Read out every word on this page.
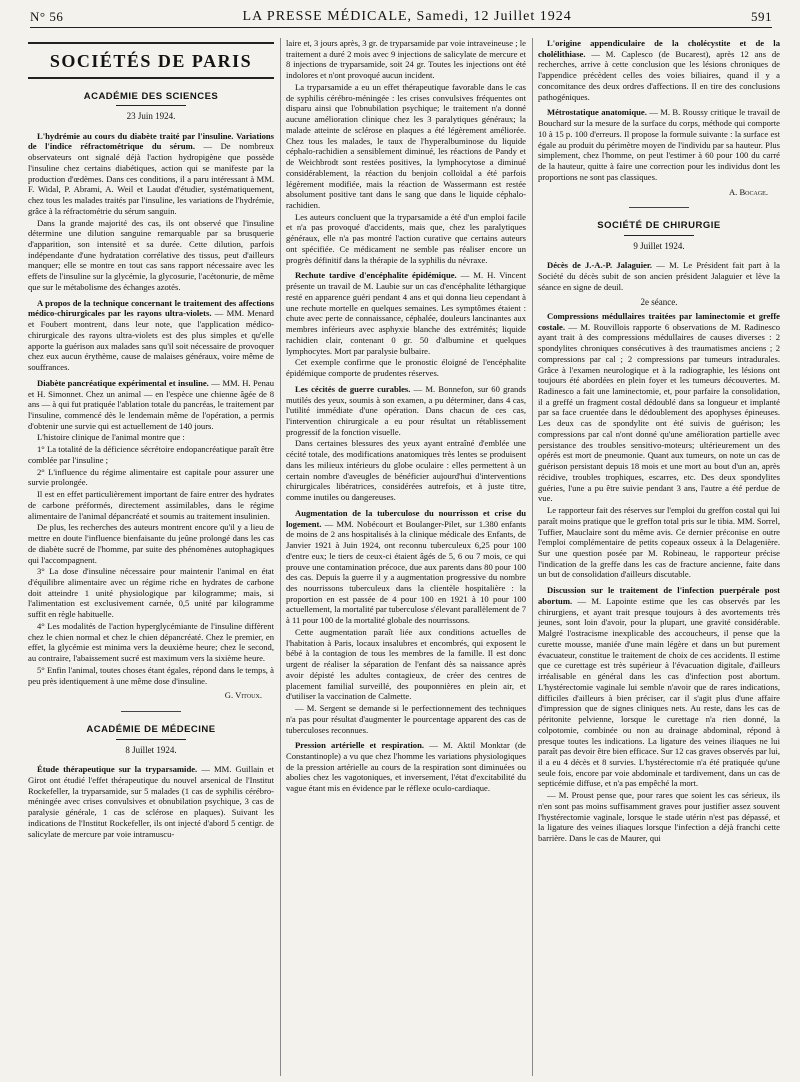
N° 56	LA PRESSE MÉDICALE, Samedi, 12 Juillet 1924	591
SOCIÉTÉS DE PARIS
ACADÉMIE DES SCIENCES
23 Juin 1924.

L'hydrémie au cours du diabète traité par l'insuline. Variations de l'indice réfractométrique du sérum. — De nombreux observateurs ont signalé déjà l'action hydropigène que possède l'insuline chez certains diabétiques, action qui se manifeste par la production d'œdèmes. Dans ces conditions, il a paru intéressant à MM. F. Widal, P. Abrami, A. Weil et Laudat d'étudier, systématiquement, chez tous les malades traités par l'insuline, les variations de l'hydrémie, grâce à la réfractométrie du sérum sanguin.

Dans la grande majorité des cas, ils ont observé que l'insuline détermine une dilution sanguine remarquable par sa brusquerie d'apparition, son intensité et sa durée. Cette dilution, parfois indépendante d'une hydratation corrélative des tissus, peut d'ailleurs manquer; elle se montre en tout cas sans rapport nécessaire avec les effets de l'insuline sur la glycémie, la glycosurie, l'acétonurie, de même que sur le métabolisme des échanges azotés.

A propos de la technique concernant le traitement des affections médico-chirurgicales par les rayons ultra-violets. — MM. Menard et Foubert montrent, dans leur note, que l'application médico-chirurgicale des rayons ultra-violets est des plus simples et qu'elle apporte la guérison aux malades sans qu'il soit nécessaire de provoquer chez eux aucun érythème, cause de malaises généraux, voire même de souffrances.

Diabète pancréatique expérimental et insuline. — MM. H. Penau et H. Simonnet. Chez un animal — en l'espèce une chienne âgée de 8 ans — à qui fut pratiquée l'ablation totale du pancréas, le traitement par l'insuline, commencé dès le lendemain même de l'opération, a permis d'obtenir une survie qui est actuellement de 140 jours.

L'histoire clinique de l'animal montre que :

1° La totalité de la déficience sécrétoire endopancréatique paraît être comblée par l'insuline ;

2° L'influence du régime alimentaire est capitale pour assurer une survie prolongée.

Il est en effet particulièrement important de faire entrer des hydrates de carbone préformés, directement assimilables, dans le régime alimentaire de l'animal dépancréaté et soumis au traitement insulinien.

De plus, les recherches des auteurs montrent encore qu'il y a lieu de mettre en doute l'influence bienfaisante du jeûne prolongé dans les cas de diabète sucré de l'homme, par suite des phénomènes autophagiques qui l'accompagnent.

3° La dose d'insuline nécessaire pour maintenir l'animal en état d'équilibre alimentaire avec un régime riche en hydrates de carbone doit atteindre 1 unité physiologique par kilogramme; mais, si l'alimentation est exclusivement carnée, 0,5 unité par kilogramme suffit en règle habituelle.

4° Les modalités de l'action hyperglycémiante de l'insuline diffèrent chez le chien normal et chez le chien dépancréaté. Chez le premier, en effet, la glycémie est minima vers la deuxième heure; chez le second, au contraire, l'abaissement sucré est maximum vers la sixième heure.

5° Enfin l'animal, toutes choses étant égales, répond dans le temps, à peu près identiquement à une même dose d'insuline.

G. Vitoux.
ACADÉMIE DE MÉDECINE
8 Juillet 1924.

Étude thérapeutique sur la tryparsamide. — MM. Guillain et Girot ont étudié l'effet thérapeutique du nouvel arsenical de l'Institut Rockefeller, la tryparsamide, sur 5 malades (1 cas de syphilis cérébro-méningée avec crises convulsives et obnubilation psychique, 3 cas de paralysie générale, 1 cas de sclérose en plaques). Suivant les indications de l'Institut Rockefeller, ils ont injecté d'abord 5 centigr. de salicylate de mercure par voie intramuscu-

laire et, 3 jours après, 3 gr. de tryparsamide par voie intraveineuse ; le traitement a duré 2 mois avec 9 injections de salicylate de mercure et 8 injections de tryparsamide, soit 24 gr. Toutes les injections ont été indolores et n'ont provoqué aucun incident.

La tryparsamide a eu un effet thérapeutique favorable dans le cas de syphilis cérébro-méningée : les crises convulsives fréquentes ont disparu ainsi que l'obnubilation psychique; le traitement n'a donné aucune amélioration clinique chez les 3 paralytiques généraux; la malade atteinte de sclérose en plaques a été légèrement améliorée. Chez tous les malades, le taux de l'hyperalbuminose du liquide céphalo-rachidien a sensiblement diminué, les réactions de Pandy et de Weichbrodt sont restées positives, la lymphocytose a diminué considérablement, la réaction du benjoin colloïdal a été parfois légèrement modifiée, mais la réaction de Wassermann est restée absolument positive tant dans le sang que dans le liquide céphalo-rachidien.

Les auteurs concluent que la tryparsamide a été d'un emploi facile et n'a pas provoqué d'accidents, mais que, chez les paralytiques généraux, elle n'a pas montré l'action curative que certains auteurs ont spécifiée. Ce médicament ne semble pas réaliser encore un progrès définitif dans la thérapie de la syphilis du névraxe.

Rechute tardive d'encéphalite épidémique. — M. H. Vincent présente un travail de M. Laubie sur un cas d'encéphalite léthargique resté en apparence guéri pendant 4 ans et qui donna lieu cependant à une rechute mortelle en quelques semaines. Les symptômes étaient : chute avec perte de connaissance, céphalée, douleurs lancinantes aux membres inférieurs avec asphyxie blanche des extrémités; liquide rachidien clair, contenant 0 gr. 50 d'albumine et quelques lymphocytes. Mort par paralysie bulbaire.

Cet exemple confirme que le pronostic éloigné de l'encéphalite épidémique comporte de prudentes réserves.

Les cécités de guerre curables. — M. Bonnefon, sur 60 grands mutilés des yeux, soumis à son examen, a pu déterminer, dans 4 cas, l'utilité immédiate d'une opération. Dans chacun de ces cas, l'intervention chirurgicale a eu pour résultat un rétablissement progressif de la fonction visuelle.

Dans certaines blessures des yeux ayant entraîné d'emblée une cécité totale, des modifications anatomiques très lentes se produisent dans les milieux intérieurs du globe oculaire : elles permettent à un certain nombre d'aveugles de bénéficier aujourd'hui d'interventions chirurgicales libératrices, considérées autrefois, et à juste titre, comme inutiles ou dangereuses.

Augmentation de la tuberculose du nourrisson et crise du logement. — MM. Nobécourt et Boulanger-Pilet, sur 1.380 enfants de moins de 2 ans hospitalisés à la clinique médicale des Enfants, de Janvier 1921 à Juin 1924, ont reconnu tuberculeux 6,25 pour 100 d'entre eux; le tiers de ceux-ci étaient âgés de 5, 6 ou 7 mois, ce qui prouve une contamination précoce, due aux parents dans 80 pour 100 des cas. Depuis la guerre il y a augmentation progressive du nombre des nourrissons tuberculeux dans la clientèle hospitalière : la proportion en est passée de 4 pour 100 en 1921 à 10 pour 100 actuellement, la mortalité par tuberculose s'élevant parallèlement de 7 à 11 pour 100 de la mortalité globale des nourrissons.

Cette augmentation paraît liée aux conditions actuelles de l'habitation à Paris, locaux insalubres et encombrés, qui exposent le bébé à la contagion de tous les membres de la famille. Il est donc urgent de réaliser la séparation de l'enfant dès sa naissance après avoir dépisté les adultes contagieux, de créer des centres de placement familial surveillé, des pouponnières en plein air, et d'utiliser la vaccination de Calmette.

— M. Sergent se demande si le perfectionnement des techniques n'a pas pour résultat d'augmenter le pourcentage apparent des cas de tuberculoses reconnues.

Pression artérielle et respiration. — M. Aktil Monktar (de Constantinople) a vu que chez l'homme les variations physiologiques de la pression artérielle au cours de la respiration sont diminuées ou abolies chez les vagotoniques, et inversement, l'état d'excitabilité du vague étant mis en évidence par le réflexe oculo-cardiaque.

L'origine appendiculaire de la cholécystite et de la cholélithiase. — M. Caplesco (de Bucarest), après 12 ans de recherches, arrive à cette conclusion que les lésions chroniques de l'appendice précèdent celles des voies biliaires, quand il y a concomitance des deux ordres d'affections. Il en tire des conclusions pathogéniques.

Métrostatique anatomique. — M. B. Roussy critique le travail de Bouchard sur la mesure de la surface du corps, méthode qui comporte 10 à 15 p. 100 d'erreurs. Il propose la formule suivante : la surface est égale au produit du périmètre moyen de l'individu par sa hauteur. Plus simplement, chez l'homme, on peut l'estimer à 60 pour 100 du carré de la hauteur, quitte à faire une correction pour les individus dont les proportions ne sont pas classiques.

A. Bocage.
SOCIÉTÉ DE CHIRURGIE
9 Juillet 1924.

Décès de J.-A.-P. Jalaguier. — M. Le Président fait part à la Société du décès subit de son ancien président Jalaguier et lève la séance en signe de deuil.

2e séance.

Compressions médullaires traitées par laminectomie et greffe costale. — M. Rouvillois rapporte 6 observations de M. Radinesco ayant trait à des compressions médullaires de causes diverses : 2 spondylites chroniques consécutives à des traumatismes anciens ; 2 compressions par cal ; 2 compressions par tumeurs intradurales. Grâce à l'examen neurologique et à la radiographie, les lésions ont toujours été abordées en plein foyer et les tumeurs découvertes. M. Radinesco a fait une laminectomie, et, pour parfaire la consolidation, il a greffé un fragment costal dédoublé dans sa longueur et implanté par sa face cruentée dans le dédoublement des apophyses épineuses. Les deux cas de spondylite ont été suivis de guérison; les compressions par cal n'ont donné qu'une amélioration partielle avec persistance des troubles sensitivo-moteurs; ultérieurement un des opérés est mort de pneumonie. Quant aux tumeurs, on note un cas de guérison persistant depuis 18 mois et une mort au bout d'un an, après récidive, troubles trophiques, escarres, etc. Des deux spondylites guéries, l'une a pu être suivie pendant 3 ans, l'autre a été perdue de vue.

Le rapporteur fait des réserves sur l'emploi du greffon costal qui lui paraît moins pratique que le greffon total pris sur le tibia. MM. Sorrel, Tuffier, Mauclaire sont du même avis. Ce dernier préconise en outre l'emploi complémentaire de petits copeaux osseux à la Delagenière. Sur une question posée par M. Robineau, le rapporteur précise l'indication de la greffe dans les cas de fracture ancienne, faite dans un but de consolidation d'ailleurs discutable.

Discussion sur le traitement de l'infection puerpérale post abortum. — M. Lapointe estime que les cas observés par les chirurgiens, et ayant trait presque toujours à des avortements très jeunes, sont loin d'avoir, pour la plupart, une gravité considérable. Malgré l'ostracisme inexplicable des accoucheurs, il pense que la curette mousse, maniée d'une main légère et dans un but purement évacuateur, constitue le traitement de choix de ces accidents. Il estime que ce curettage est très supérieur à l'évacuation digitale, d'ailleurs irréalisable en général dans les cas d'infection post abortum. L'hystérectomie vaginale lui semble n'avoir que de rares indications, difficiles d'ailleurs à bien préciser, car il s'agit plus d'une affaire d'impression que de signes cliniques nets. Au reste, dans les cas de péritonite pelvienne, lorsque le curettage n'a rien donné, la colpotomie, combinée ou non au drainage abdominal, répond à presque toutes les indications. La ligature des veines iliaques ne lui paraît pas devoir être bien efficace. Sur 12 cas graves observés par lui, il a eu 4 décès et 8 survies. L'hystérectomie n'a été pratiquée qu'une seule fois, encore par voie abdominale et tardivement, dans un cas de septicémie diffuse, et n'a pas empêché la mort.

— M. Proust pense que, pour rares que soient les cas sérieux, ils n'en sont pas moins suffisamment graves pour justifier assez souvent l'hystérectomie vaginale, lorsque le stade utérin n'est pas dépassé, et la ligature des veines iliaques lorsque l'infection a déjà franchi cette barrière. Dans le cas de Maurer, qui
